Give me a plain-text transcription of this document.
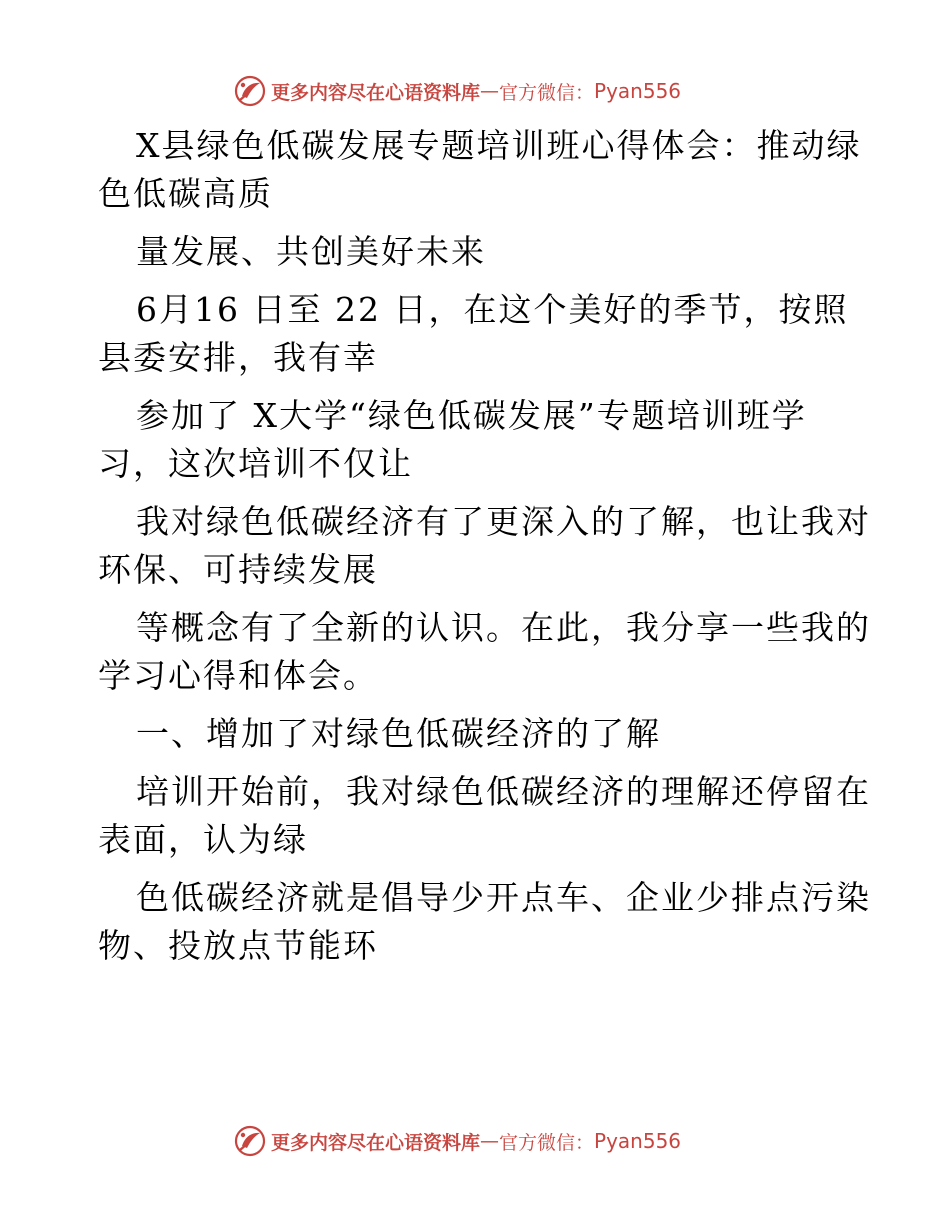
更多内容尽在心语资料库 — 官方微信： Pyan556
X县绿色低碳发展专题培训班心得体会：推动绿
色低碳高质
量发展、共创美好未来
6月16 日至 22 日，在这个美好的季节，按照
县委安排，我有幸
参加了 X大学“绿色低碳发展”专题培训班学
习，这次培训不仅让
我对绿色低碳经济有了更深入的了解，也让我对
环保、可持续发展
等概念有了全新的认识。在此，我分享一些我的
学习心得和体会。
一、增加了对绿色低碳经济的了解
培训开始前，我对绿色低碳经济的理解还停留在
表面，认为绿
色低碳经济就是倡导少开点车、企业少排点污染
物、投放点节能环
更多内容尽在心语资料库 — 官方微信： Pyan556
